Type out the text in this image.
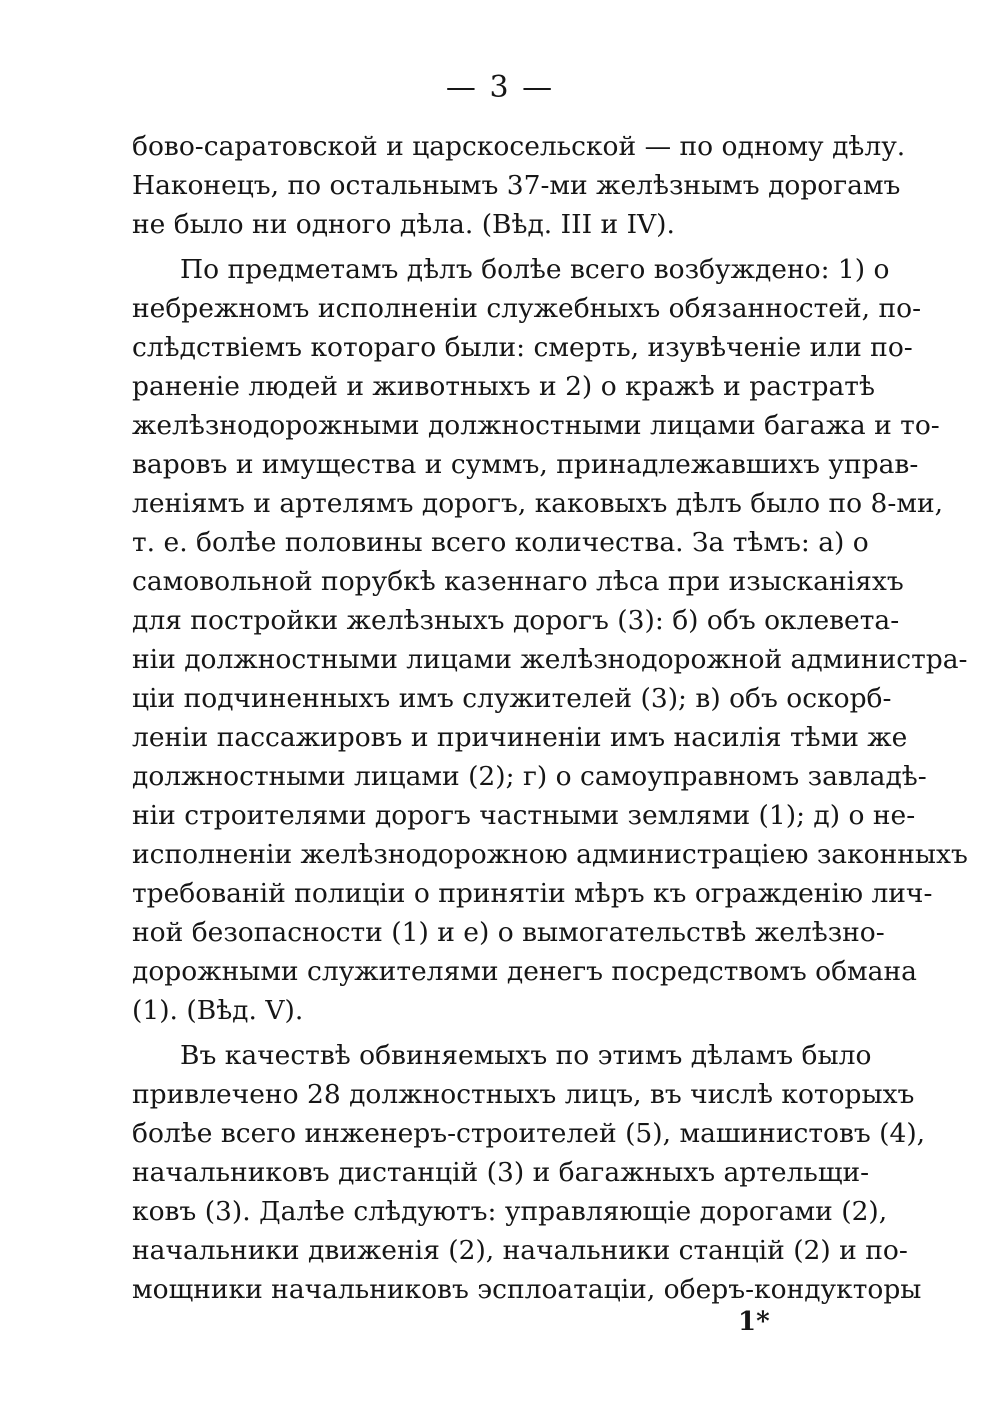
— 3 —
бово-саратовской и царскосельской — по одному дѣлу.
Наконецъ, по остальнымъ 37-ми желѣзнымъ дорогамъ
не было ни одного дѣла. (Вѣд. III и IV).
По предметамъ дѣлъ болѣе всего возбуждено: 1) о
небрежномъ исполненіи служебныхъ обязанностей, по-
слѣдствіемъ котораго были: смерть, изувѣченіе или по-
раненіе людей и животныхъ и 2) о кражѣ и растратѣ
желѣзнодорожными должностными лицами багажа и то-
варовъ и имущества и суммъ, принадлежавшихъ управ-
леніямъ и артелямъ дорогъ, каковыхъ дѣлъ было по 8-ми,
т. е. болѣе половины всего количества. За тѣмъ: а) о
самовольной порубкѣ казеннаго лѣса при изысканіяхъ
для постройки желѣзныхъ дорогъ (3): б) объ оклевета-
ніи должностными лицами желѣзнодорожной администра-
ціи подчиненныхъ имъ служителей (3); в) объ оскорб-
леніи пассажировъ и причиненіи имъ насилія тѣми же
должностными лицами (2); г) о самоуправномъ завладѣ-
ніи строителями дорогъ частными землями (1); д) о не-
исполненіи желѣзнодорожною администраціею законныхъ
требованій полиціи о принятіи мѣръ къ огражденію лич-
ной безопасности (1) и е) о вымогательствѣ желѣзно-
дорожными служителями денегъ посредствомъ обмана
(1). (Вѣд. V).
Въ качествѣ обвиняемыхъ по этимъ дѣламъ было
привлечено 28 должностныхъ лицъ, въ числѣ которыхъ
болѣе всего инженеръ-строителей (5), машинистовъ (4),
начальниковъ дистанцій (3) и багажныхъ артельщи-
ковъ (3). Далѣе слѣдуютъ: управляющіе дорогами (2),
начальники движенія (2), начальники станцій (2) и по-
мощники начальниковъ эсплоатаціи, оберъ-кондукторы
1*
